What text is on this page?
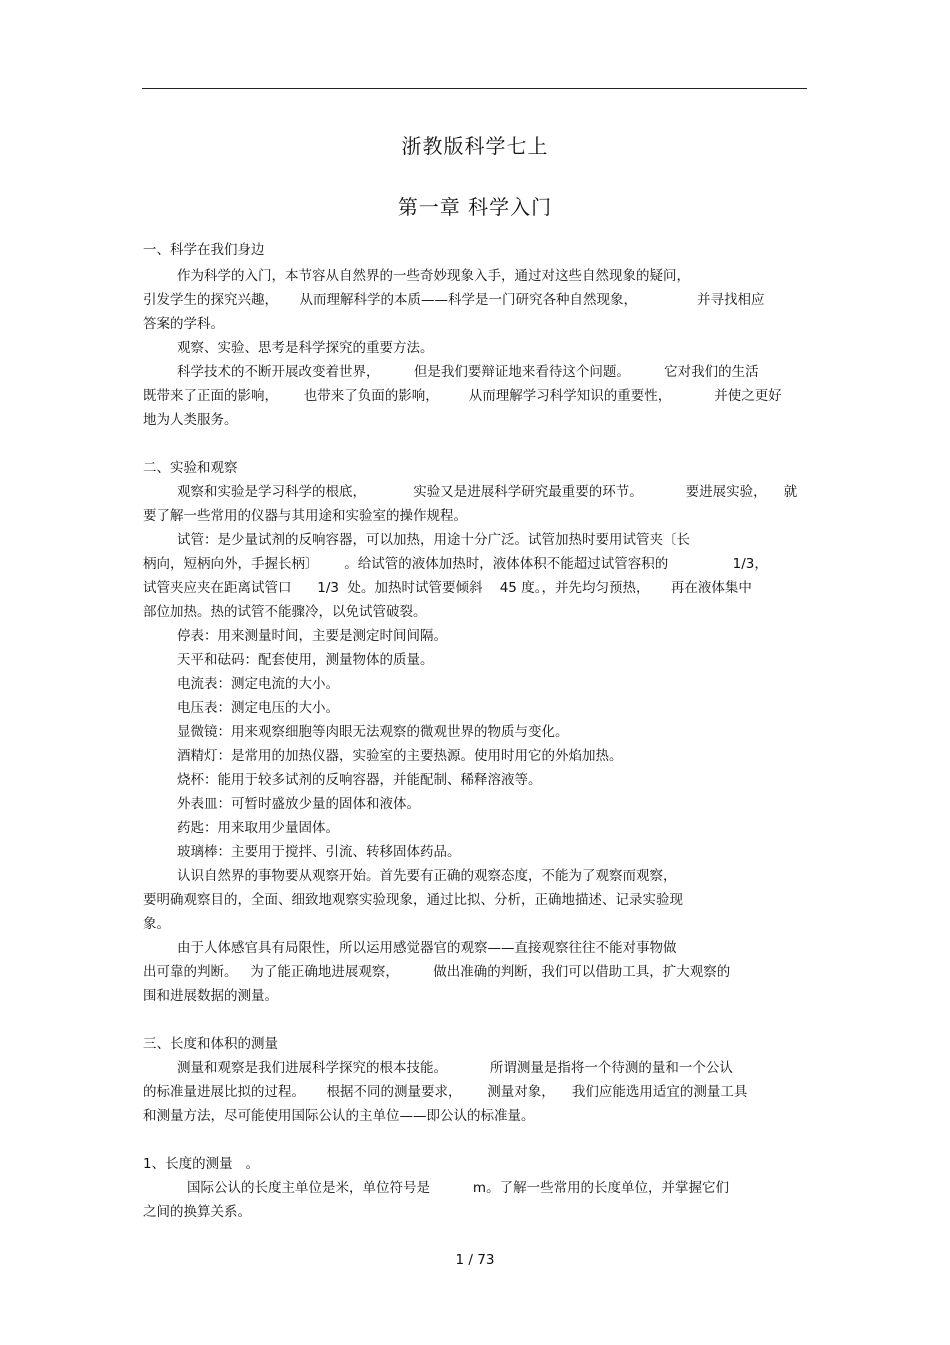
浙教版科学七上
第一章 科学入门
一、科学在我们身边
作为科学的入门，本节容从自然界的一些奇妙现象入手，通过对这些自然现象的疑问，
引发学生的探究兴趣，     从而理解科学的本质——科学是一门研究各种自然现象，              并寻找相应
答案的学科。
观察、实验、思考是科学探究的重要方法。
科学技术的不断开展改变着世界，        但是我们要辩证地来看待这个问题。        它对我们的生活
既带来了正面的影响，      也带来了负面的影响，       从而理解学习科学知识的重要性，          并使之更好
地为人类服务。
二、实验和观察
观察和实验是学习科学的根底，           实验又是进展科学研究最重要的环节。          要进展实验，    就
要了解一些常用的仪器与其用途和实验室的操作规程。
试管：是少量试剂的反响容器，可以加热，用途十分广泛。试管加热时要用试管夹〔长
柄向，短柄向外，手握长柄〕      。给试管的液体加热时，液体体积不能超过试管容积的               1/3，
试管夹应夹在距离试管口      1/3  处。加热时试管要倾斜    45 度。，并先均匀预热，     再在液体集中
部位加热。热的试管不能骤冷，以免试管破裂。
停表：用来测量时间，主要是测定时间间隔。
天平和砝码：配套使用，测量物体的质量。
电流表：测定电流的大小。
电压表：测定电压的大小。
显微镜：用来观察细胞等肉眼无法观察的微观世界的物质与变化。
酒精灯：是常用的加热仪器，实验室的主要热源。使用时用它的外焰加热。
烧杯：能用于较多试剂的反响容器，并能配制、稀释溶液等。
外表皿：可暂时盛放少量的固体和液体。
药匙：用来取用少量固体。
玻璃棒：主要用于搅拌、引流、转移固体药品。
认识自然界的事物要从观察开始。首先要有正确的观察态度，不能为了观察而观察，
要明确观察目的，全面、细致地观察实验现象，通过比拟、分析，正确地描述、记录实验现
象。
由于人体感官具有局限性，所以运用感觉器官的观察——直接观察往往不能对事物做
出可靠的判断。   为了能正确地进展观察，        做出准确的判断，我们可以借助工具，扩大观察的
围和进展数据的测量。
三、长度和体积的测量
测量和观察是我们进展科学探究的根本技能。          所谓测量是指将一个待测的量和一个公认
的标准量进展比拟的过程。     根据不同的测量要求，      测量对象，    我们应能选用适宜的测量工具
和测量方法，尽可能使用国际公认的主单位——即公认的标准量。
1、长度的测量   。
国际公认的长度主单位是米，单位符号是          m。了解一些常用的长度单位，并掌握它们
之间的换算关系。
1 / 73
